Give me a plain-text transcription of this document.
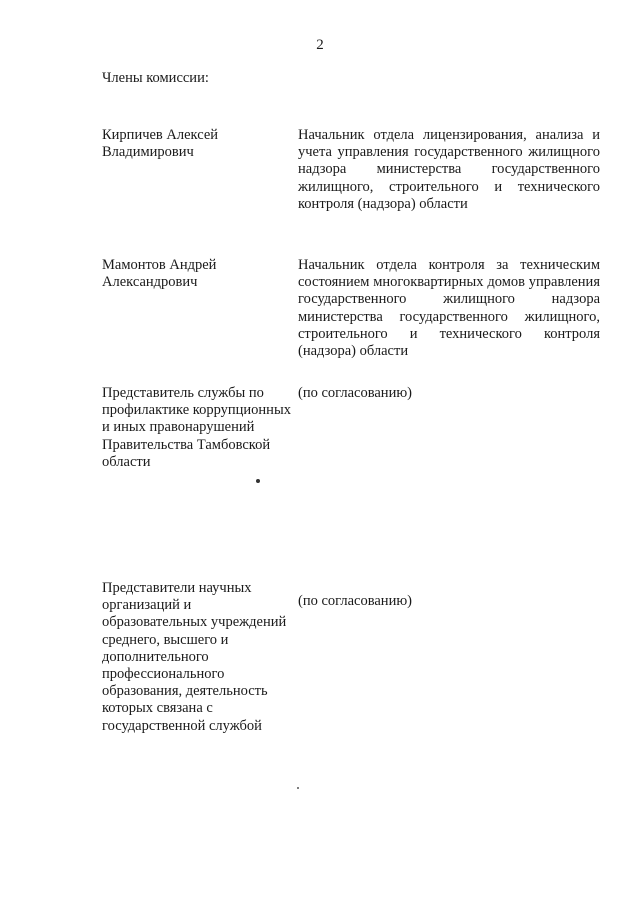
2
Члены комиссии:
Кирпичев Алексей Владимирович
Начальник отдела лицензирования, анализа и учета управления государственного жилищного надзора министерства государственного жилищного, строительного и технического контроля (надзора) области
Мамонтов Андрей Александрович
Начальник отдела контроля за техническим состоянием многоквартирных домов управления государственного жилищного надзора министерства государственного жилищного, строительного и технического контроля (надзора) области
Представитель службы по профилактике коррупционных и иных правонарушений Правительства Тамбовской области
(по согласованию)
Представители научных организаций и образовательных учреждений среднего, высшего и дополнительного профессионального образования, деятельность которых связана с государственной службой
(по согласованию)
